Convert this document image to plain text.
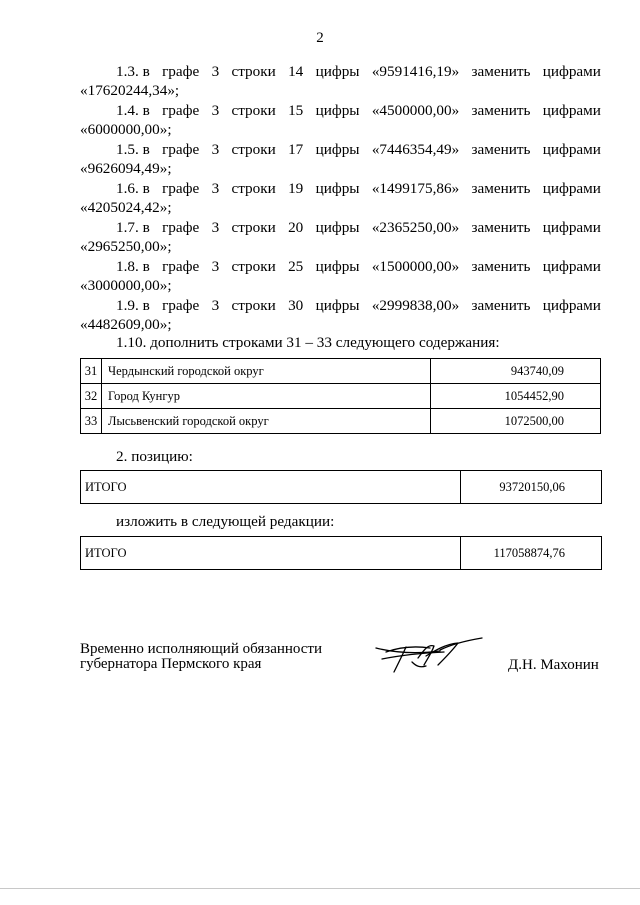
2
1.3. в графе 3 строки 14 цифры «9591416,19» заменить цифрами
«17620244,34»;
1.4. в графе 3 строки 15 цифры «4500000,00» заменить цифрами
«6000000,00»;
1.5. в графе 3 строки 17 цифры «7446354,49» заменить цифрами
«9626094,49»;
1.6. в графе 3 строки 19 цифры «1499175,86» заменить цифрами
«4205024,42»;
1.7. в графе 3 строки 20 цифры «2365250,00» заменить цифрами
«2965250,00»;
1.8. в графе 3 строки 25 цифры «1500000,00» заменить цифрами
«3000000,00»;
1.9. в графе 3 строки 30 цифры «2999838,00» заменить цифрами
«4482609,00»;
1.10. дополнить строками 31 – 33 следующего содержания:
31	Чердынский городской округ	943740,09
32	Город Кунгур	1054452,90
33	Лысьвенский городской округ	1072500,00
2. позицию:
ИТОГО	93720150,06
изложить в следующей редакции:
ИТОГО	117058874,76
Временно исполняющий обязанности
губернатора Пермского края	Д.Н. Махонин
